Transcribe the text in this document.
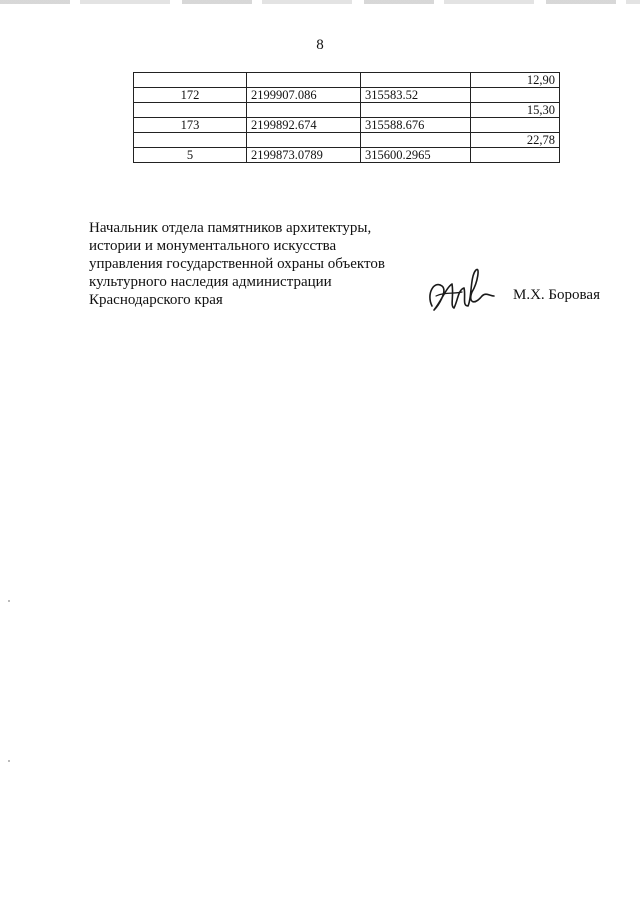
8
			12,90
172	2199907.086	315583.52	
			15,30
173	2199892.674	315588.676	
			22,78
5	2199873.0789	315600.2965	
Начальник отдела памятников архитектуры,
истории и монументального искусства
управления государственной охраны объектов
культурного наследия администрации
Краснодарского края	М.Х. Боровая
